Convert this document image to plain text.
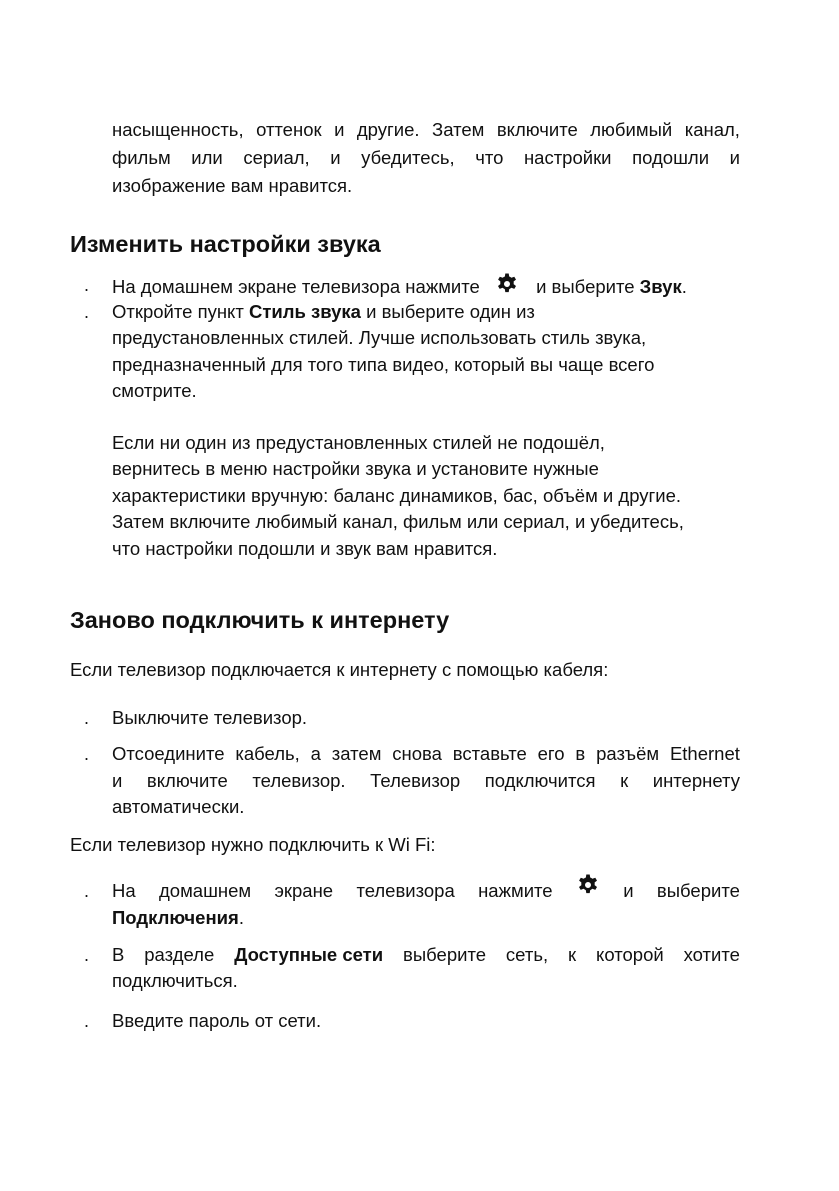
насыщенность, оттенок и другие. Затем включите любимый канал,
фильм или сериал, и убедитесь, что настройки подошли и
изображение вам нравится.
Изменить настройки звука
. На домашнем экране телевизора нажмите	и выберите Звук.
. Откройте пункт Стиль звука и выберите один из
предустановленных стилей. Лучше использовать стиль звука,
предназначенный для того типа видео, который вы чаще всего
смотрите.
Если ни один из предустановленных стилей не подошёл,
вернитесь в меню настройки звука и установите нужные
характеристики вручную: баланс динамиков, бас, объём и другие.
Затем включите любимый канал, фильм или сериал, и убедитесь,
что настройки подошли и звук вам нравится.
Заново подключить к интернету
Если телевизор подключается к интернету с помощью кабеля:
. Выключите телевизор.
. Отсоедините кабель, а затем снова вставьте его в разъём Ethernet
и включите телевизор. Телевизор подключится к интернету
автоматически.
Если телевизор нужно подключить к Wi Fi:
. На домашнем экране телевизора нажмите	и выберите
Подключения.
. В разделе Доступные сети выберите сеть, к которой хотите
подключиться.
. Введите пароль от сети.
